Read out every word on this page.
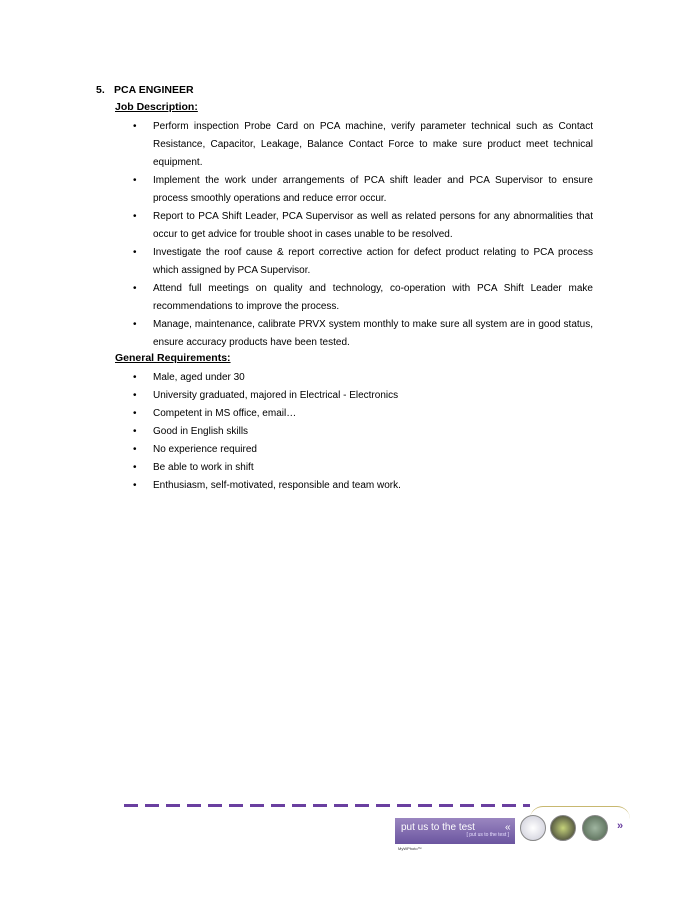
5. PCA ENGINEER
Job Description:
•	Perform inspection Probe Card on PCA machine, verify parameter technical such as Contact Resistance, Capacitor, Leakage, Balance Contact Force to make sure product meet technical equipment.
•	Implement the work under arrangements of PCA shift leader and PCA Supervisor to ensure process smoothly operations and reduce error occur.
•	Report to PCA Shift Leader, PCA Supervisor as well as related persons for any abnormalities that occur to get advice for trouble shoot in cases unable to be resolved.
•	Investigate the roof cause & report corrective action for defect product relating to PCA process which assigned by PCA Supervisor.
•	Attend full meetings on quality and technology, co-operation with PCA Shift Leader make recommendations to improve the process.
•	Manage, maintenance, calibrate PRVX system monthly to make sure all system are in good status, ensure accuracy products have been tested.
General Requirements:
•	Male, aged under 30
•	University graduated, majored in Electrical - Electronics
•	Competent in MS office, email…
•	Good in English skills
•	No experience required
•	Be able to work in shift
•	Enthusiasm, self-motivated, responsible and team work.
put us to the test
[ put us to the test ]
«
MyWPhoto™
»
